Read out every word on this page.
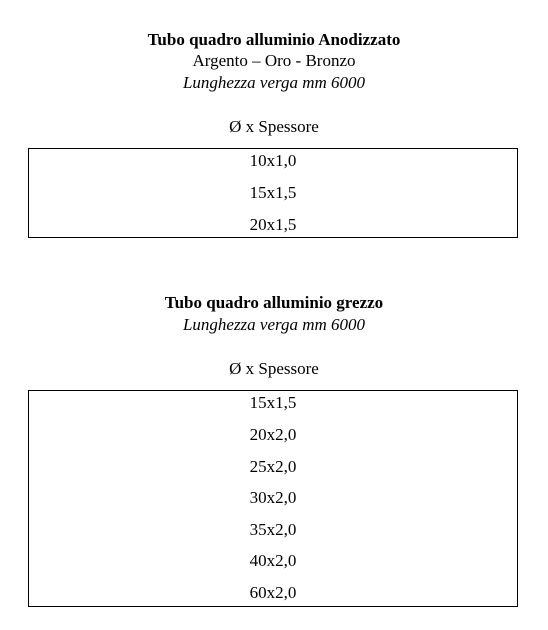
Tubo quadro alluminio Anodizzato
Argento – Oro - Bronzo
Lunghezza verga mm 6000
Ø x Spessore
10x1,0
15x1,5
20x1,5
Tubo quadro alluminio grezzo
Lunghezza verga mm 6000
Ø x Spessore
15x1,5
20x2,0
25x2,0
30x2,0
35x2,0
40x2,0
60x2,0
